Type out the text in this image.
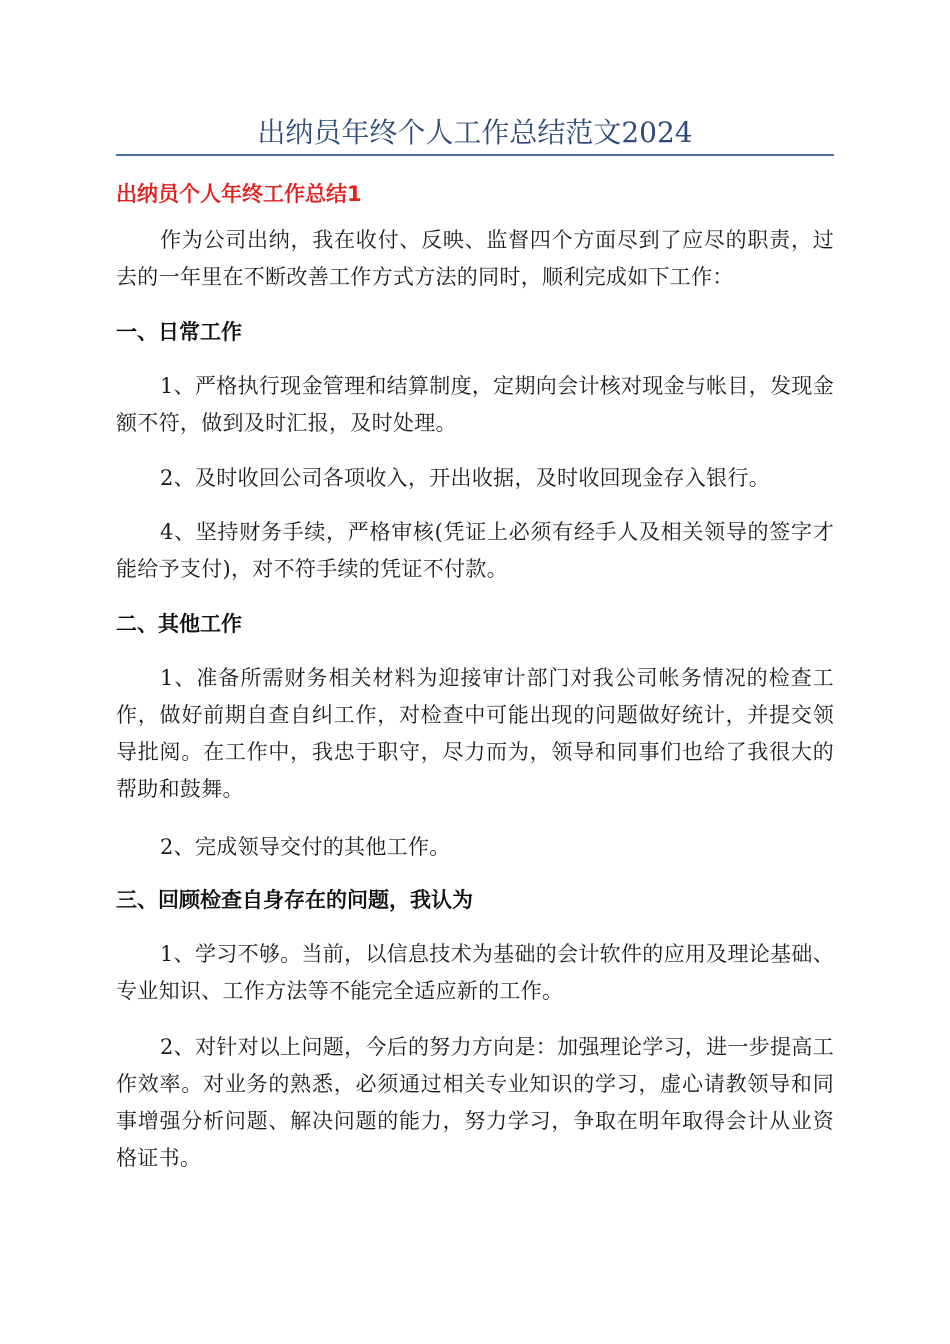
出纳员年终个人工作总结范文2024
出纳员个人年终工作总结1

作为公司出纳，我在收付、反映、监督四个方面尽到了应尽的职责，过去的一年里在不断改善工作方式方法的同时，顺利完成如下工作：

一、日常工作

1、严格执行现金管理和结算制度，定期向会计核对现金与帐目，发现金额不符，做到及时汇报，及时处理。

2、及时收回公司各项收入，开出收据，及时收回现金存入银行。

4、坚持财务手续，严格审核(凭证上必须有经手人及相关领导的签字才能给予支付)，对不符手续的凭证不付款。

二、其他工作

1、准备所需财务相关材料为迎接审计部门对我公司帐务情况的检查工作，做好前期自查自纠工作，对检查中可能出现的问题做好统计，并提交领导批阅。在工作中，我忠于职守，尽力而为，领导和同事们也给了我很大的帮助和鼓舞。

2、完成领导交付的其他工作。

三、回顾检查自身存在的问题，我认为

1、学习不够。当前，以信息技术为基础的会计软件的应用及理论基础、专业知识、工作方法等不能完全适应新的工作。

2、对针对以上问题，今后的努力方向是：加强理论学习，进一步提高工作效率。对业务的熟悉，必须通过相关专业知识的学习，虚心请教领导和同事增强分析问题、解决问题的能力，努力学习，争取在明年取得会计从业资格证书。
